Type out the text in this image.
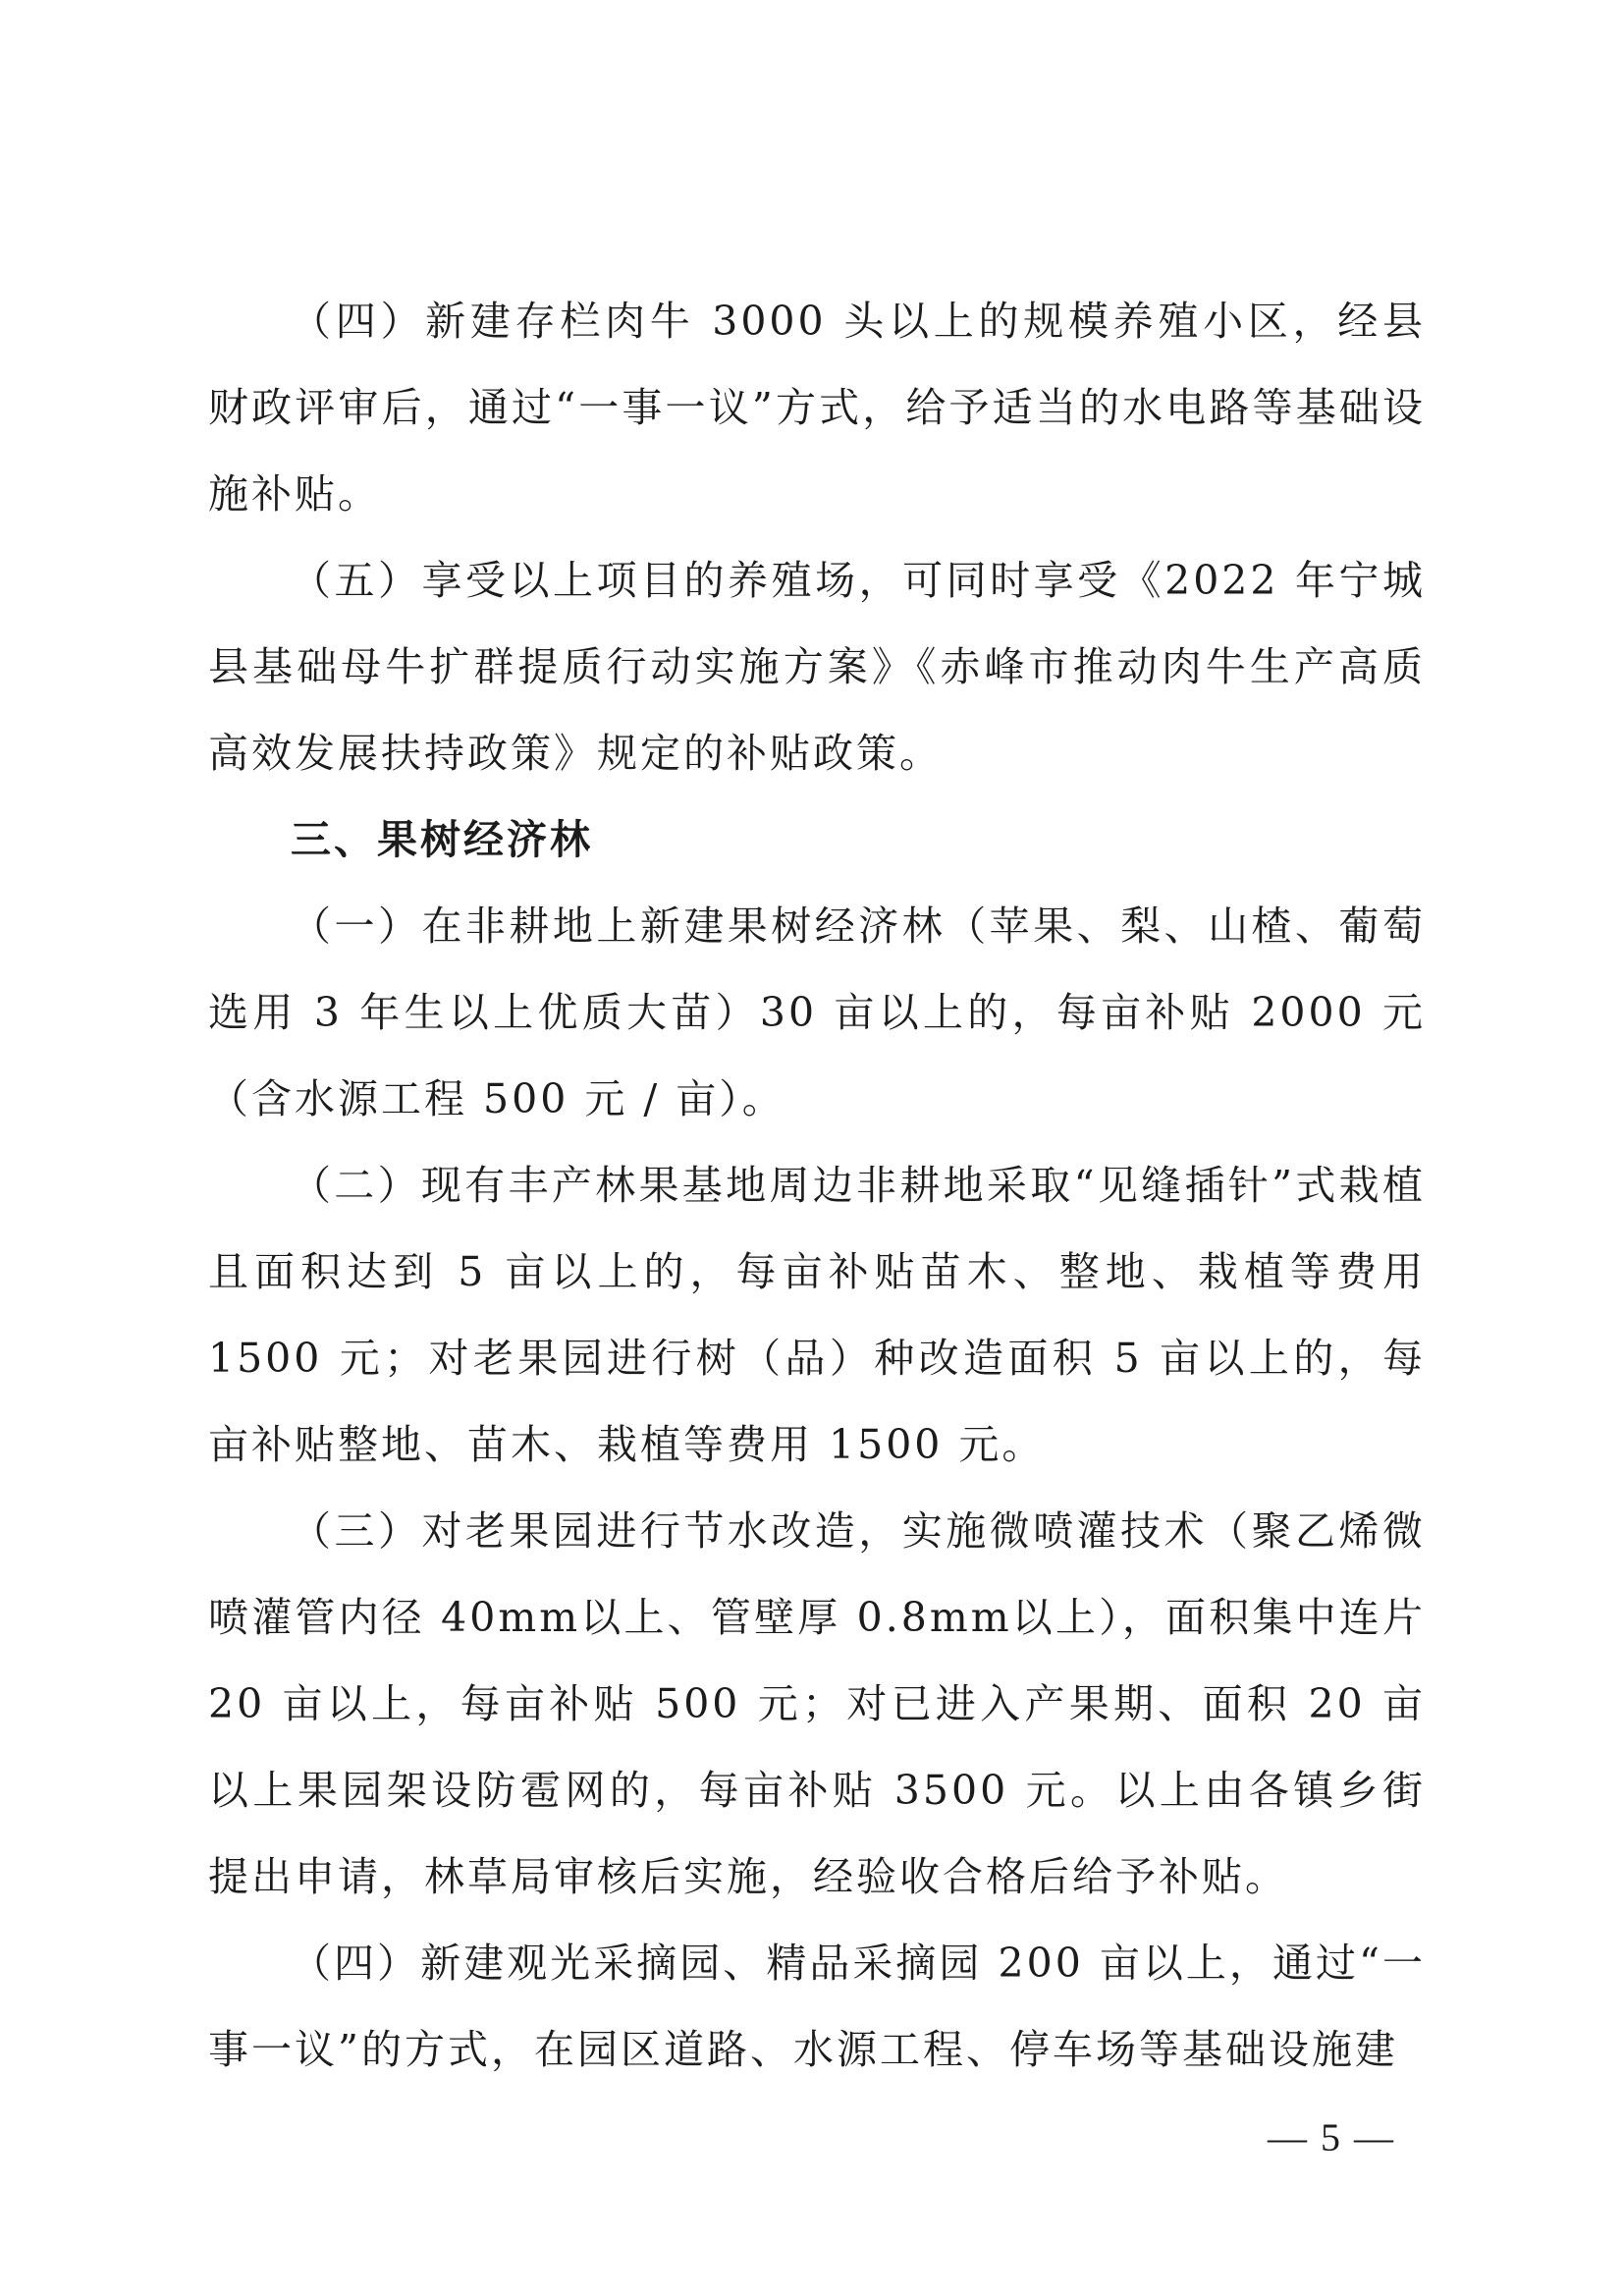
（四）新建存栏肉牛 3000 头以上的规模养殖小区，经县财政评审后，通过“一事一议”方式，给予适当的水电路等基础设施补贴。

（五）享受以上项目的养殖场，可同时享受《2022 年宁城县基础母牛扩群提质行动实施方案》《赤峰市推动肉牛生产高质高效发展扶持政策》规定的补贴政策。

三、果树经济林

（一）在非耕地上新建果树经济林（苹果、梨、山楂、葡萄选用 3 年生以上优质大苗）30 亩以上的，每亩补贴 2000 元（含水源工程 500 元 / 亩）。

（二）现有丰产林果基地周边非耕地采取“见缝插针”式栽植且面积达到 5 亩以上的，每亩补贴苗木、整地、栽植等费用 1500 元；对老果园进行树（品）种改造面积 5 亩以上的，每亩补贴整地、苗木、栽植等费用 1500 元。

（三）对老果园进行节水改造，实施微喷灌技术（聚乙烯微喷灌管内径 40mm以上、管壁厚 0.8mm以上），面积集中连片 20 亩以上，每亩补贴 500 元；对已进入产果期、面积 20 亩以上果园架设防雹网的，每亩补贴 3500 元。以上由各镇乡街提出申请，林草局审核后实施，经验收合格后给予补贴。

（四）新建观光采摘园、精品采摘园 200 亩以上，通过“一事一议”的方式，在园区道路、水源工程、停车场等基础设施建

— 5 —
